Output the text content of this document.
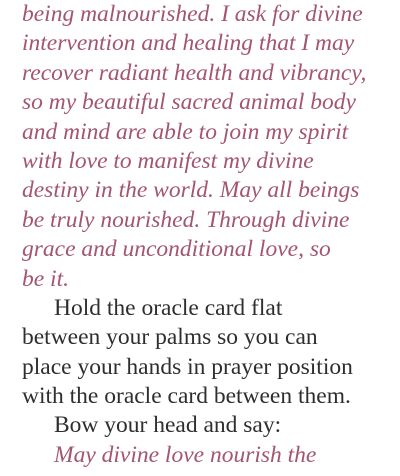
being malnourished. I ask for divine
intervention and healing that I may
recover radiant health and vibrancy,
so my beautiful sacred animal body
and mind are able to join my spirit
with love to manifest my divine
destiny in the world. May all beings
be truly nourished. Through divine
grace and unconditional love, so
be it.
Hold the oracle card flat
between your palms so you can
place your hands in prayer position
with the oracle card between them.
Bow your head and say:
May divine love nourish the
